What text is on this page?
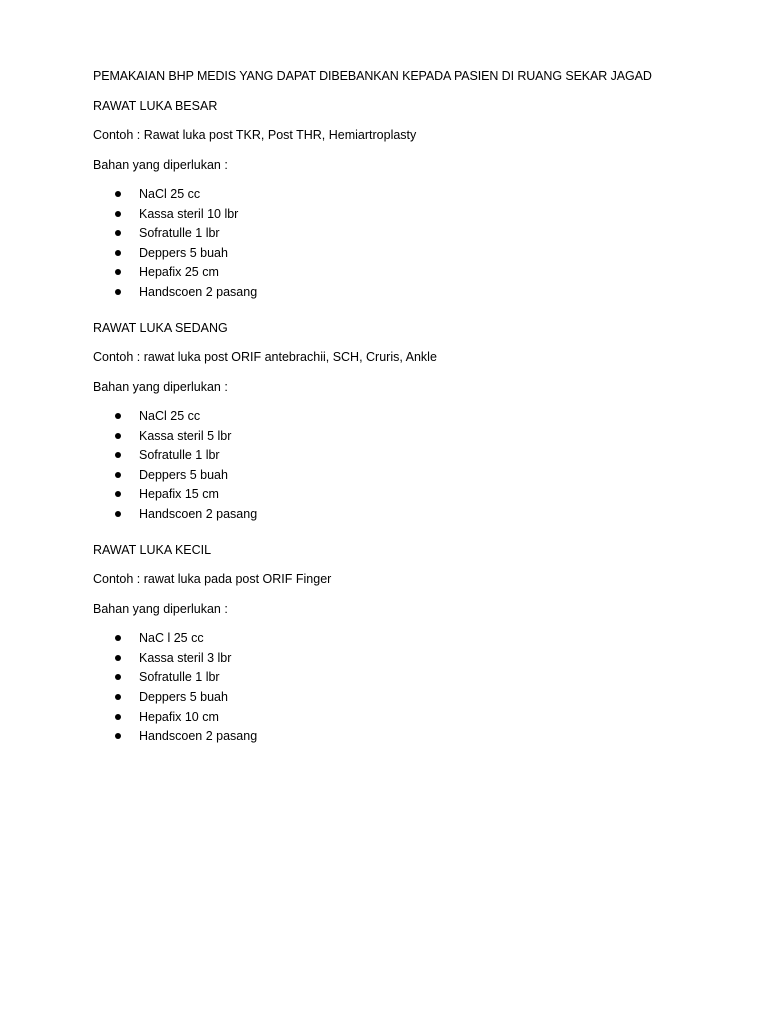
PEMAKAIAN BHP MEDIS YANG DAPAT DIBEBANKAN KEPADA PASIEN DI RUANG SEKAR JAGAD

RAWAT LUKA BESAR

Contoh : Rawat luka post TKR, Post THR, Hemiartroplasty

Bahan yang diperlukan :

NaCl 25 cc
Kassa steril 10 lbr
Sofratulle 1 lbr
Deppers 5 buah
Hepafix 25 cm
Handscoen 2 pasang

RAWAT LUKA SEDANG

Contoh : rawat luka post ORIF antebrachii, SCH, Cruris, Ankle

Bahan yang diperlukan :

NaCl 25 cc
Kassa steril 5 lbr
Sofratulle 1 lbr
Deppers 5 buah
Hepafix 15 cm
Handscoen 2 pasang

RAWAT LUKA KECIL

Contoh : rawat luka pada post ORIF Finger

Bahan yang diperlukan :

NaC l 25 cc
Kassa steril 3 lbr
Sofratulle 1 lbr
Deppers 5 buah
Hepafix 10 cm
Handscoen 2 pasang
